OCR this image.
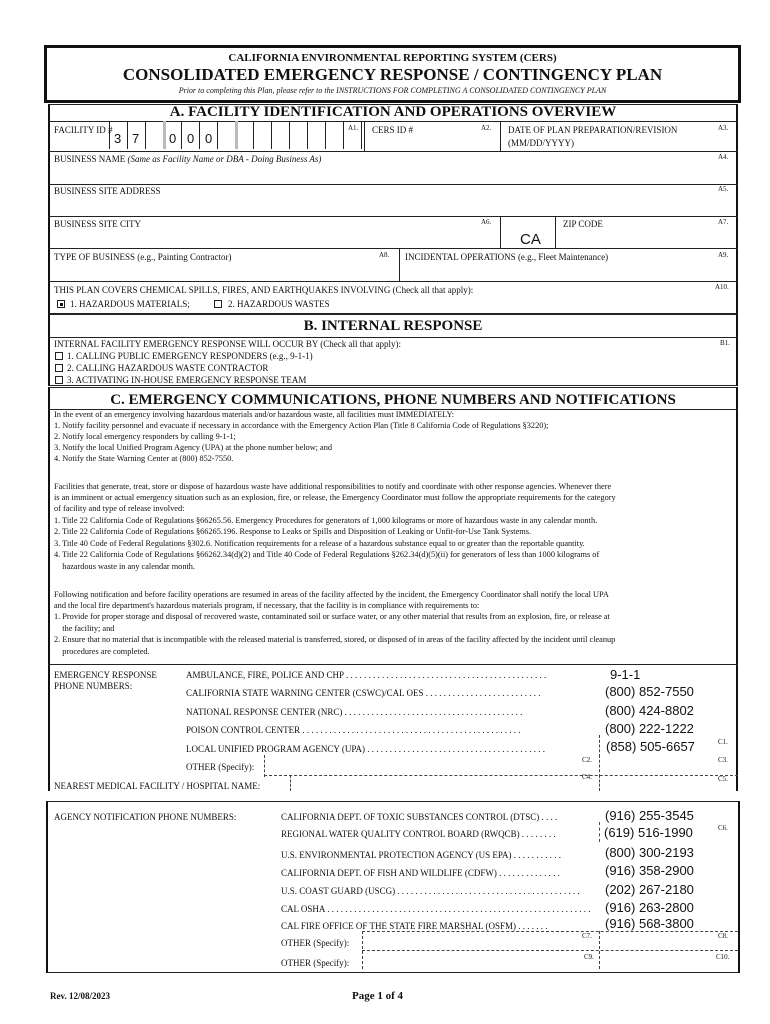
CALIFORNIA ENVIRONMENTAL REPORTING SYSTEM (CERS)
CONSOLIDATED EMERGENCY RESPONSE / CONTINGENCY PLAN
Prior to completing this Plan, please refer to the INSTRUCTIONS FOR COMPLETING A CONSOLIDATED CONTINGENCY PLAN
A. FACILITY IDENTIFICATION AND OPERATIONS OVERVIEW
FACILITY ID #
3 7 0 0 0
A1. CERS ID #	A2. DATE OF PLAN PREPARATION/REVISION
(MM/DD/YYYY)
A3.
BUSINESS NAME (Same as Facility Name or DBA - Doing Business As)	A4.
BUSINESS SITE ADDRESS	A5.
BUSINESS SITE CITY	A6.
CA
ZIP CODE	A7.
TYPE OF BUSINESS (e.g., Painting Contractor)	A8. INCIDENTAL OPERATIONS (e.g., Fleet Maintenance)	A9.
THIS PLAN COVERS CHEMICAL SPILLS, FIRES, AND EARTHQUAKES INVOLVING (Check all that apply):	A10.
1. HAZARDOUS MATERIALS;	2. HAZARDOUS WASTES
B. INTERNAL RESPONSE
INTERNAL FACILITY EMERGENCY RESPONSE WILL OCCUR BY (Check all that apply):	B1.
1. CALLING PUBLIC EMERGENCY RESPONDERS (e.g., 9-1-1)
2. CALLING HAZARDOUS WASTE CONTRACTOR
3. ACTIVATING IN-HOUSE EMERGENCY RESPONSE TEAM
C. EMERGENCY COMMUNICATIONS, PHONE NUMBERS AND NOTIFICATIONS
In the event of an emergency involving hazardous materials and/or hazardous waste, all facilities must IMMEDIATELY:
1. Notify facility personnel and evacuate if necessary in accordance with the Emergency Action Plan (Title 8 California Code of Regulations §3220);
2. Notify local emergency responders by calling 9-1-1;
3. Notify the local Unified Program Agency (UPA) at the phone number below; and
4. Notify the State Warning Center at (800) 852-7550.
Facilities that generate, treat, store or dispose of hazardous waste have additional responsibilities to notify and coordinate with other response agencies. Whenever there
is an imminent or actual emergency situation such as an explosion, fire, or release, the Emergency Coordinator must follow the appropriate requirements for the category
of facility and type of release involved:
1. Title 22 California Code of Regulations §66265.56. Emergency Procedures for generators of 1,000 kilograms or more of hazardous waste in any calendar month.
2. Title 22 California Code of Regulations §66265.196. Response to Leaks or Spills and Disposition of Leaking or Unfit-for-Use Tank Systems.
3. Title 40 Code of Federal Regulations §302.6. Notification requirements for a release of a hazardous substance equal to or greater than the reportable quantity.
4. Title 22 California Code of Regulations §66262.34(d)(2) and Title 40 Code of Federal Regulations §262.34(d)(5)(ii) for generators of less than 1000 kilograms of
hazardous waste in any calendar month.
Following notification and before facility operations are resumed in areas of the facility affected by the incident, the Emergency Coordinator shall notify the local UPA
and the local fire department's hazardous materials program, if necessary, that the facility is in compliance with requirements to:
1. Provide for proper storage and disposal of recovered waste, contaminated soil or surface water, or any other material that results from an explosion, fire, or release at
the facility; and
2. Ensure that no material that is incompatible with the released material is transferred, stored, or disposed of in areas of the facility affected by the incident until cleanup
procedures are completed.
EMERGENCY RESPONSE
PHONE NUMBERS:
AMBULANCE, FIRE, POLICE AND CHP . . . . . . . . . . . . . . . . . . . . . . . . . . . . . . . . . . . . . . . . . . . . .	9-1-1
CALIFORNIA STATE WARNING CENTER (CSWC)/CAL OES . . . . . . . . . . . . . . . . . . . . . . . . . .	(800) 852-7550
NATIONAL RESPONSE CENTER (NRC) . . . . . . . . . . . . . . . . . . . . . . . . . . . . . . . . . . . . . . . .	(800) 424-8802
POISON CONTROL CENTER . . . . . . . . . . . . . . . . . . . . . . . . . . . . . . . . . . . . . . . . . . . . . . . . .	(800) 222-1222
LOCAL UNIFIED PROGRAM AGENCY (UPA) . . . . . . . . . . . . . . . . . . . . . . . . . . . . . . . . . . . . . . . .	(858) 505-6657	C1.
OTHER (Specify):
C2.	C3.
NEAREST MEDICAL FACILITY / HOSPITAL NAME:
C4.	C5.
AGENCY NOTIFICATION PHONE NUMBERS:	CALIFORNIA DEPT. OF TOXIC SUBSTANCES CONTROL (DTSC) . . . .	(916) 255-3545
REGIONAL WATER QUALITY CONTROL BOARD (RWQCB) . . . . . . . .	(619) 516-1990	C6.
U.S. ENVIRONMENTAL PROTECTION AGENCY (US EPA) . . . . . . . . . . .	(800) 300-2193
CALIFORNIA DEPT. OF FISH AND WILDLIFE (CDFW) . . . . . . . . . . . . . .	(916) 358-2900
U.S. COAST GUARD (USCG) . . . . . . . . . . . . . . . . . . . . . . . . . . . . . . . . . . . . . . . . . (202) 267-2180
CAL OSHA . . . . . . . . . . . . . . . . . . . . . . . . . . . . . . . . . . . . . . . . . . . . . . . . . . . . . . . . . . . (916) 263-2800
CAL FIRE OFFICE OF THE STATE FIRE MARSHAL (OSFM) . . . . . . .	(916) 568-3800
OTHER (Specify):
C7.	C8.
OTHER (Specify):
C9.	C10.
Rev. 12/08/2023	Page 1 of 4
